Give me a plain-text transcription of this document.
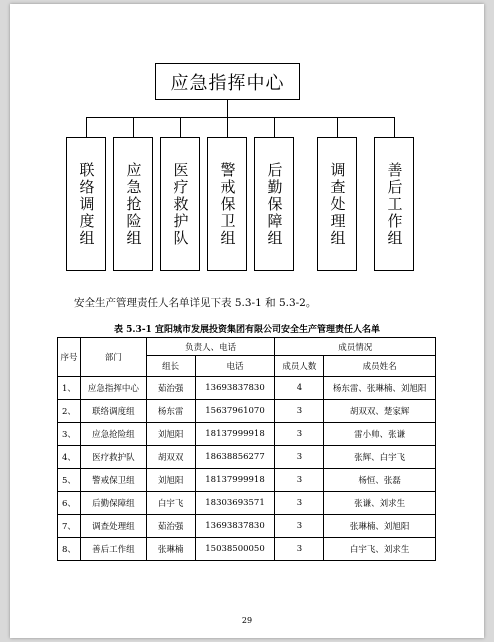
应急指挥中心
联络调度组 应急抢险组 医疗救护队 警戒保卫组 后勤保障组	调查处理组	善后工作组
安全生产管理责任人名单详见下表 5.3-1 和 5.3-2。
表 5.3-1 宜阳城市发展投资集团有限公司安全生产管理责任人名单
序号	部门	负责人、电话		成员情况	
		组长	电话	成员人数	成员姓名
1、	应急指挥中心	茹治强	13693837830	4	杨东雷、张琳楠、刘旭阳
2、	联络调度组	杨东雷	15637961070	3	胡双双、楚家辉
3、	应急抢险组	刘旭阳	18137999918	3	雷小帅、张谦
4、	医疗救护队	胡双双	18638856277	3	张辉、白宇飞
5、	警戒保卫组	刘旭阳	18137999918	3	杨恒、张磊
6、	后勤保障组	白宇飞	18303693571	3	张谦、刘求生
7、	调查处理组	茹治强	13693837830	3	张琳楠、刘旭阳
8、	善后工作组	张琳楠	15038500050	3	白宇飞、刘求生
29
